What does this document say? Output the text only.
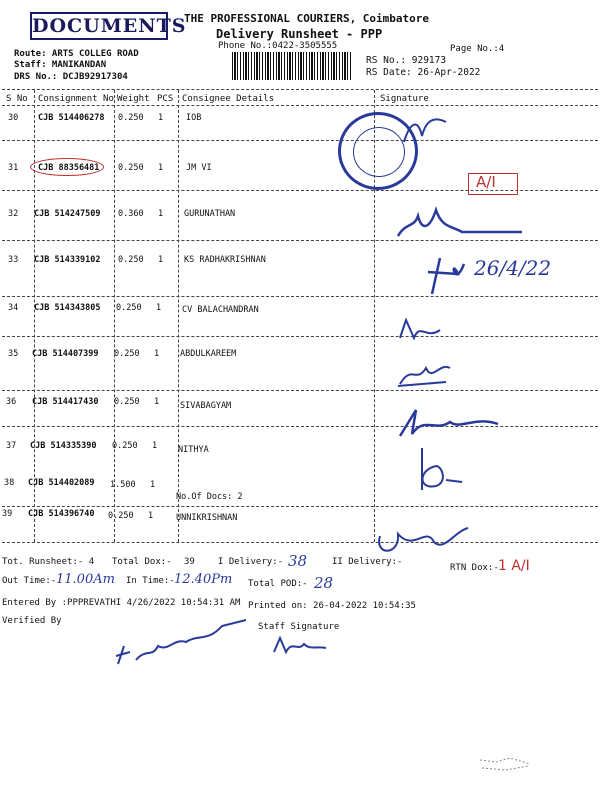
DOCUMENTS
THE PROFESSIONAL COURIERS, Coimbatore
Delivery Runsheet - PPP
Phone No.:0422-3505555	Page No.:4
Route: ARTS COLLEG ROAD
Staff: MANIKANDAN
DRS No.: DCJB92917304
RS No.: 929173
RS Date: 26-Apr-2022
S No Consignment No Weight PCS Consignee Details	Signature
30 CJB 514406278 0.250 1	IOB
31 CJB 88356481 0.250 1	JM VI
32 CJB 514247509 0.360 1 GURUNATHAN
33 CJB 514339102 0.250 1 KS RADHAKRISHNAN
34 CJB 514343805 0.250 1 CV BALACHANDRAN
35 CJB 514407399 0.250 1 ABDULKAREEM
36 CJB 514417430 0.250 1 SIVABAGYAM
37 CJB 514335390 0.250 1 NITHYA
38 CJB 514402089 1.500 1
No.Of Docs: 2
39 CJB 514396740 0.250 1	UNNIKRISHNAN
A/I
26/4/22
Tot. Runsheet:- 4 Total Dox:- 39	I Delivery:- 38	II Delivery:-
RTN Dox:- 1 A/I
Out Time:- 11.00Am In Time:- 12.40Pm Total POD:- 28
Entered By :PPPREVATHI 4/26/2022 10:54:31 AM Printed on: 26-04-2022 10:54:35
Verified By
Staff Signature
